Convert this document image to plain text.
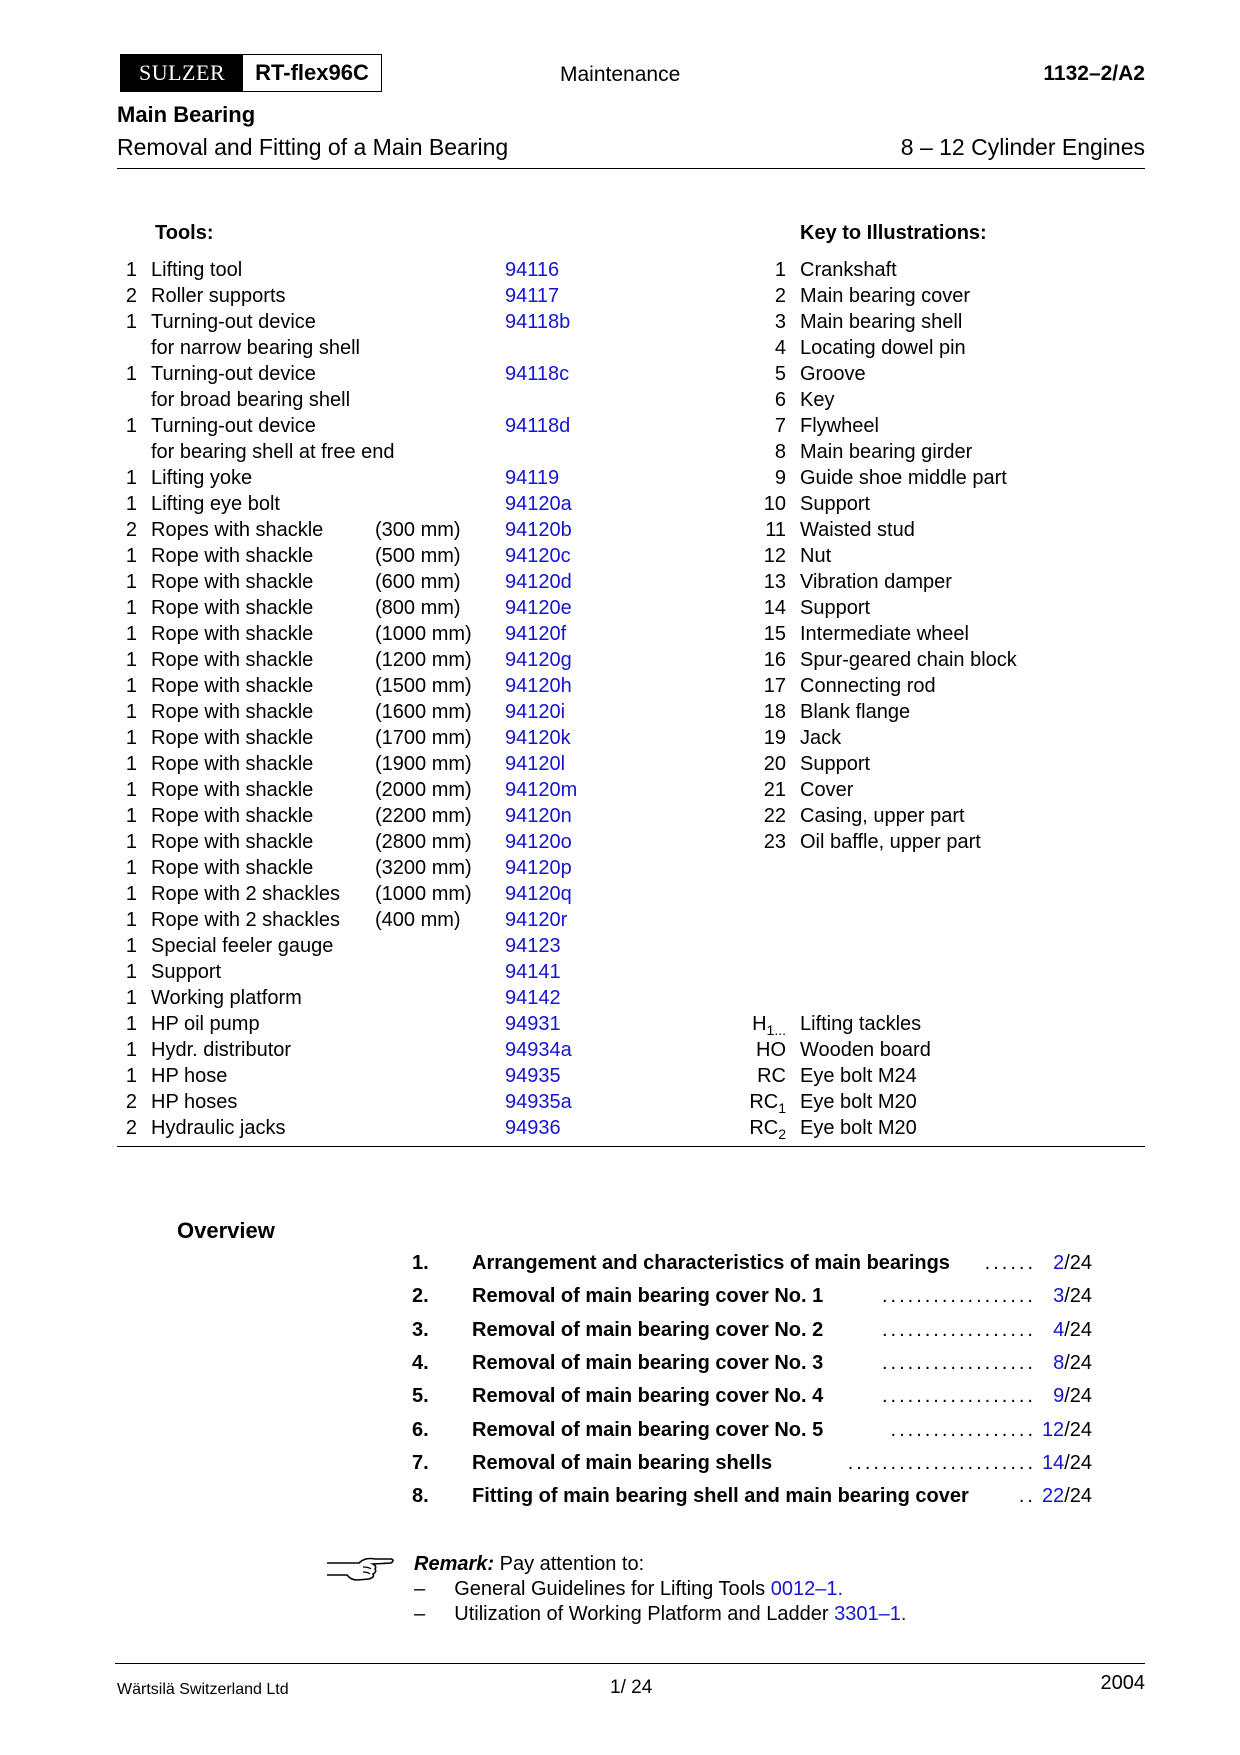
SULZER	RT-flex96C	Maintenance	1132–2/A2
Main Bearing
Removal and Fitting of a Main Bearing	8 – 12 Cylinder Engines
Tools:	Key to Illustrations:
1 Lifting tool	94116
2 Roller supports	94117
1 Turning-out device	94118b
for narrow bearing shell
1 Turning-out device	94118c
for broad bearing shell
1 Turning-out device	94118d
for bearing shell at free end
1 Lifting yoke	94119
1 Lifting eye bolt	94120a
2 Ropes with shackle	(300 mm) 94120b
1 Rope with shackle	(500 mm) 94120c
1 Rope with shackle	(600 mm) 94120d
1 Rope with shackle	(800 mm) 94120e
1 Rope with shackle	(1000 mm) 94120f
1 Rope with shackle	(1200 mm) 94120g
1 Rope with shackle	(1500 mm) 94120h
1 Rope with shackle	(1600 mm) 94120i
1 Rope with shackle	(1700 mm) 94120k
1 Rope with shackle	(1900 mm) 94120l
1 Rope with shackle	(2000 mm) 94120m
1 Rope with shackle	(2200 mm) 94120n
1 Rope with shackle	(2800 mm) 94120o
1 Rope with shackle	(3200 mm) 94120p
1 Rope with 2 shackles (1000 mm) 94120q
1 Rope with 2 shackles (400 mm) 94120r
1 Special feeler gauge	94123
1 Support	94141
1 Working platform	94142
1 HP oil pump	94931
1 Hydr. distributor	94934a
1 HP hose	94935
2 HP hoses	94935a
2 Hydraulic jacks	94936
1 Crankshaft
2 Main bearing cover
3 Main bearing shell
4 Locating dowel pin
5 Groove
6 Key
7 Flywheel
8 Main bearing girder
9 Guide shoe middle part
10 Support
11 Waisted stud
12 Nut
13 Vibration damper
14 Support
15 Intermediate wheel
16 Spur-geared chain block
17 Connecting rod
18 Blank flange
19 Jack
20 Support
21 Cover
22 Casing, upper part
23 Oil baffle, upper part
$H_{1...}$ Lifting tackles
HO Wooden board
RC Eye bolt M24
$RC_1$ Eye bolt M20
$RC_2$ Eye bolt M20
Overview
1. Arrangement and characteristics of main bearings ...... 2/24
2. Removal of main bearing cover No. 1	.................. 3/24
3. Removal of main bearing cover No. 2	.................. 4/24
4. Removal of main bearing cover No. 3	.................. 8/24
5. Removal of main bearing cover No. 4	.................. 9/24
6. Removal of main bearing cover No. 5	................. 12/24
7. Removal of main bearing shells	...................... 14/24
8. Fitting of main bearing shell and main bearing cover	.. 22/24
Remark: Pay attention to:
– General Guidelines for Lifting Tools 0012–1.
– Utilization of Working Platform and Ladder 3301–1.
Wärtsilä Switzerland Ltd	1/ 24	2004
